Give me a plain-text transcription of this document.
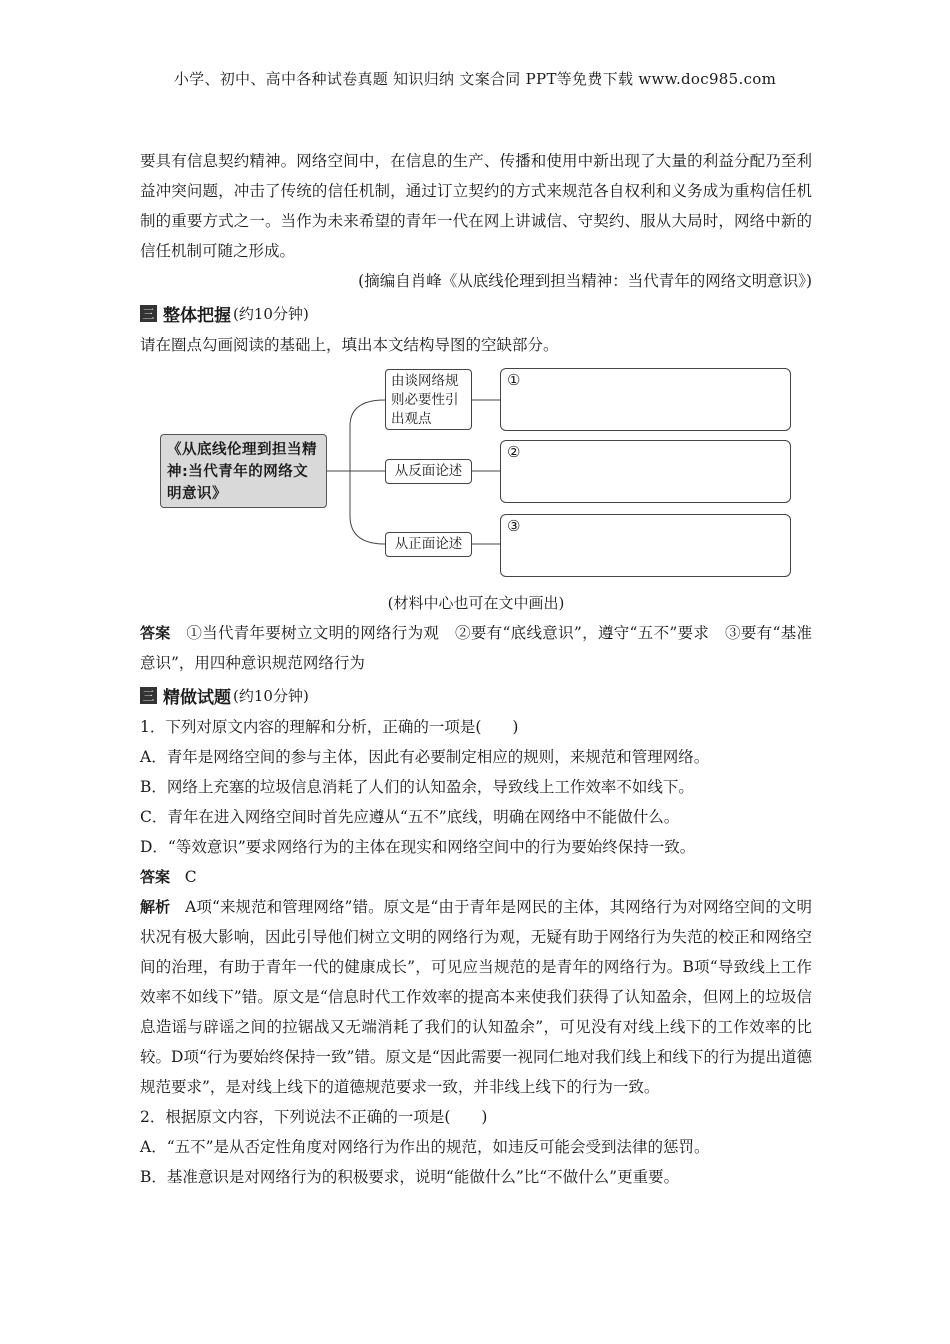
小学、初中、高中各种试卷真题 知识归纳 文案合同 PPT等免费下载 www.doc985.com

要具有信息契约精神。网络空间中，在信息的生产、传播和使用中新出现了大量的利益分配乃至利益冲突问题，冲击了传统的信任机制，通过订立契约的方式来规范各自权利和义务成为重构信任机制的重要方式之一。当作为未来希望的青年一代在网上讲诚信、守契约、服从大局时，网络中新的信任机制可随之形成。

(摘编自肖峰《从底线伦理到担当精神：当代青年的网络文明意识》)

三 整体把握 (约10分钟)

请在圈点勾画阅读的基础上，填出本文结构导图的空缺部分。

《从底线伦理到担当精神:当代青年的网络文明意识》
由谈网络规则必要性引出观点
从反面论述
从正面论述
①
②
③

(材料中心也可在文中画出)

答案 ①当代青年要树立文明的网络行为观　②要有“底线意识”，遵守“五不”要求　③要有“基准意识”，用四种意识规范网络行为

三 精做试题 (约10分钟)

1．下列对原文内容的理解和分析，正确的一项是(　　)

A．青年是网络空间的参与主体，因此有必要制定相应的规则，来规范和管理网络。

B．网络上充塞的垃圾信息消耗了人们的认知盈余，导致线上工作效率不如线下。

C．青年在进入网络空间时首先应遵从“五不”底线，明确在网络中不能做什么。

D．“等效意识”要求网络行为的主体在现实和网络空间中的行为要始终保持一致。

答案 C

解析 A项“来规范和管理网络”错。原文是“由于青年是网民的主体，其网络行为对网络空间的文明状况有极大影响，因此引导他们树立文明的网络行为观，无疑有助于网络行为失范的校正和网络空间的治理，有助于青年一代的健康成长”，可见应当规范的是青年的网络行为。B项“导致线上工作效率不如线下”错。原文是“信息时代工作效率的提高本来使我们获得了认知盈余，但网上的垃圾信息造谣与辟谣之间的拉锯战又无端消耗了我们的认知盈余”，可见没有对线上线下的工作效率的比较。D项“行为要始终保持一致”错。原文是“因此需要一视同仁地对我们线上和线下的行为提出道德规范要求”，是对线上线下的道德规范要求一致，并非线上线下的行为一致。

2．根据原文内容，下列说法不正确的一项是(　　)

A．“五不”是从否定性角度对网络行为作出的规范，如违反可能会受到法律的惩罚。

B．基准意识是对网络行为的积极要求，说明“能做什么”比“不做什么”更重要。
